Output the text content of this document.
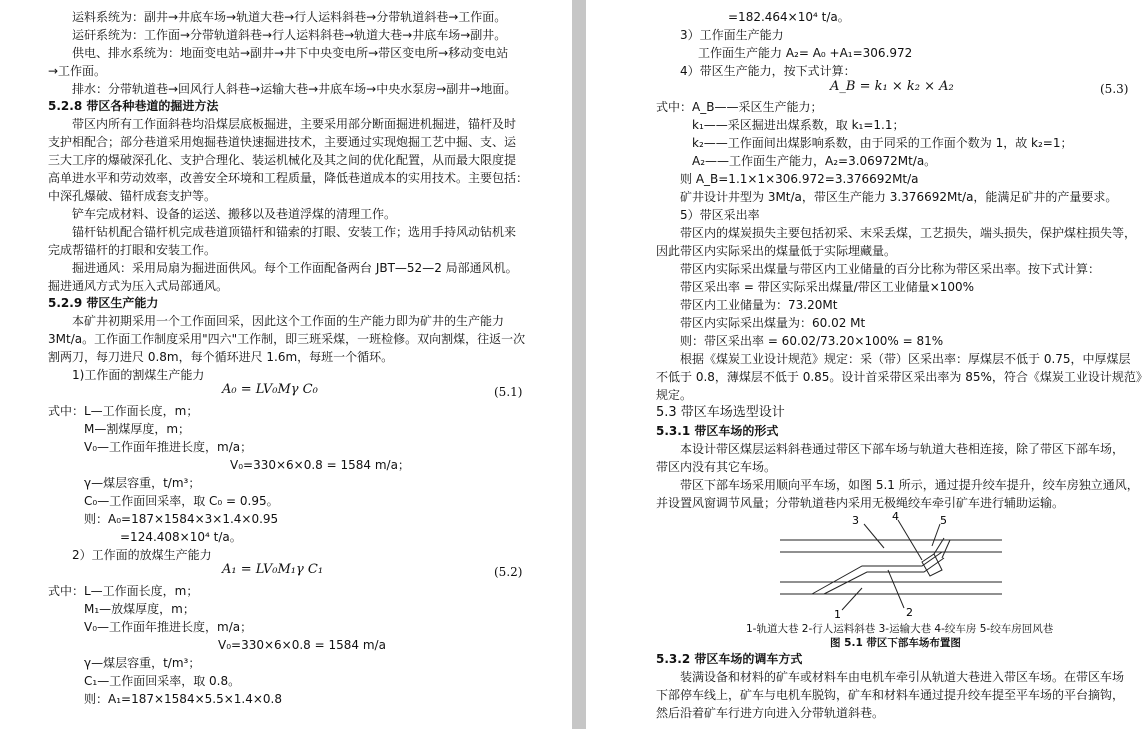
运料系统为：副井→井底车场→轨道大巷→行人运料斜巷→分带轨道斜巷→工作面。
运矸系统为：工作面→分带轨道斜巷→行人运料斜巷→轨道大巷→井底车场→副井。
供电、排水系统为：地面变电站→副井→井下中央变电所→带区变电所→移动变电站
→工作面。
排水：分带轨道巷→回风行人斜巷→运输大巷→井底车场→中央水泵房→副井→地面。
5.2.8 带区各种巷道的掘进方法
带区内所有工作面斜巷均沿煤层底板掘进，主要采用部分断面掘进机掘进，锚杆及时
支护相配合；部分巷道采用炮掘巷道快速掘进技术，主要通过实现炮掘工艺中掘、支、运
三大工序的爆破深孔化、支护合理化、装运机械化及其之间的优化配置，从而最大限度提
高单进水平和劳动效率，改善安全环境和工程质量，降低巷道成本的实用技术。主要包括：
中深孔爆破、锚杆成套支护等。
铲车完成材料、设备的运送、搬移以及巷道浮煤的清理工作。
锚杆钻机配合锚杆机完成巷道顶锚杆和锚索的打眼、安装工作；选用手持风动钻机来
完成帮锚杆的打眼和安装工作。
掘进通风：采用局扇为掘进面供风。每个工作面配备两台 JBT—52—2 局部通风机。
掘进通风方式为压入式局部通风。
5.2.9 带区生产能力
本矿井初期采用一个工作面回采，因此这个工作面的生产能力即为矿井的生产能力
3Mt/a。工作面工作制度采用"四六"工作制，即三班采煤，一班检修。双向割煤，往返一次
割两刀，每刀进尺 0.8m，每个循环进尺 1.6m，每班一个循环。
1)工作面的割煤生产能力
A₀ = LV₀Mγ C₀	(5.1)
式中：L—工作面长度，m；
M—割煤厚度，m；
V₀—工作面年推进长度，m/a；
V₀=330×6×0.8 = 1584 m/a；
γ—煤层容重，t/m³；
C₀—工作面回采率，取 C₀ = 0.95。
则：A₀=187×1584×3×1.4×0.95
=124.408×10⁴ t/a。
2）工作面的放煤生产能力
A₁ = LV₀M₁γ C₁	(5.2)
式中：L—工作面长度，m；
M₁—放煤厚度，m；
V₀—工作面年推进长度，m/a；
V₀=330×6×0.8 = 1584 m/a
γ—煤层容重，t/m³；
C₁—工作面回采率，取 0.8。
则：A₁=187×1584×5.5×1.4×0.8
=182.464×10⁴ t/a。
3）工作面生产能力
工作面生产能力 A₂= A₀ +A₁=306.972
4）带区生产能力，按下式计算：
A_B = k₁ × k₂ × A₂	(5.3)
式中：A_B——采区生产能力；
k₁——采区掘进出煤系数，取 k₁=1.1；
k₂——工作面间出煤影响系数，由于同采的工作面个数为 1，故 k₂=1；
A₂——工作面生产能力，A₂=3.06972Mt/a。
则 A_B=1.1×1×306.972=3.376692Mt/a
矿井设计井型为 3Mt/a，带区生产能力 3.376692Mt/a，能满足矿井的产量要求。
5）带区采出率
带区内的煤炭损失主要包括初采、末采丢煤，工艺损失，端头损失，保护煤柱损失等，
因此带区内实际采出的煤量低于实际埋藏量。
带区内实际采出煤量与带区内工业储量的百分比称为带区采出率。按下式计算：
带区采出率 = 带区实际采出煤量/带区工业储量×100%
带区内工业储量为：73.20Mt
带区内实际采出煤量为：60.02 Mt
则：带区采出率 = 60.02/73.20×100% = 81%
根据《煤炭工业设计规范》规定：采（带）区采出率：厚煤层不低于 0.75，中厚煤层
不低于 0.8，薄煤层不低于 0.85。设计首采带区采出率为 85%，符合《煤炭工业设计规范》
规定。
5.3 带区车场选型设计
5.3.1 带区车场的形式
本设计带区煤层运料斜巷通过带区下部车场与轨道大巷相连接，除了带区下部车场，
带区内没有其它车场。
带区下部车场采用顺向平车场，如图 5.1 所示，通过提升绞车提升，绞车房独立通风，
并设置风窗调节风量；分带轨道巷内采用无极绳绞车牵引矿车进行辅助运输。
3	4	5
1	2
1-轨道大巷 2-行人运料斜巷 3-运输大巷 4-绞车房 5-绞车房回风巷
图 5.1 带区下部车场布置图
5.3.2 带区车场的调车方式
装满设备和材料的矿车或材料车由电机车牵引从轨道大巷进入带区车场。在带区车场
下部停车线上，矿车与电机车脱钩，矿车和材料车通过提升绞车提至平车场的平台摘钩，
然后沿着矿车行进方向进入分带轨道斜巷。
